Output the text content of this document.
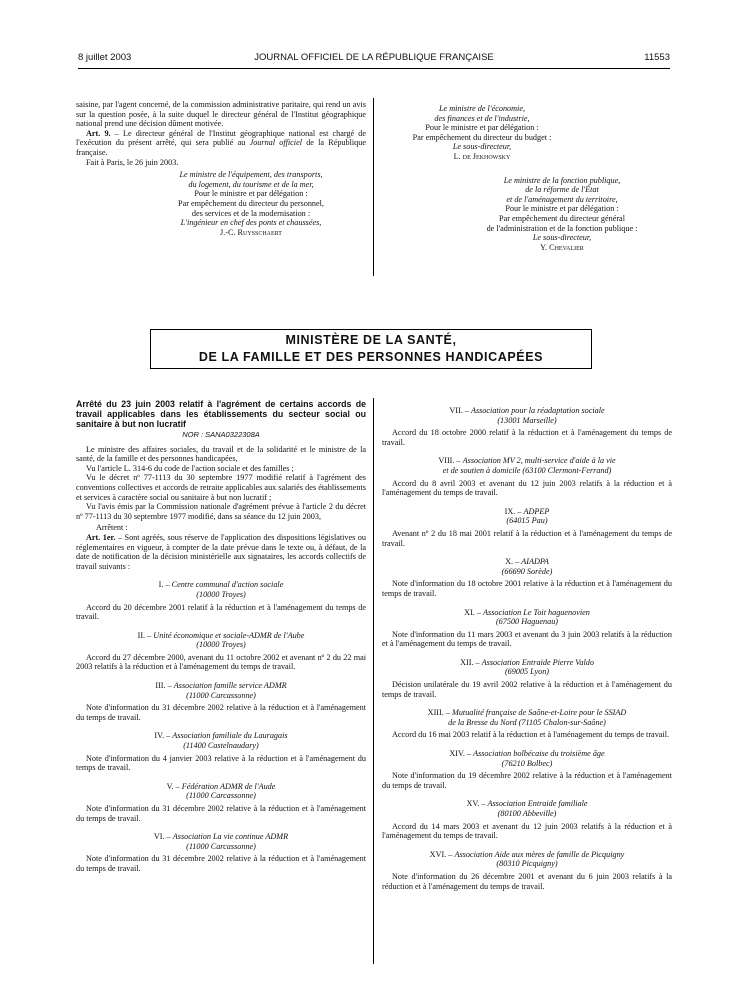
8 juillet 2003	JOURNAL OFFICIEL DE LA RÉPUBLIQUE FRANÇAISE	11553

saisine, par l'agent concerné, de la commission administrative paritaire, qui rend un avis sur la question posée, à la suite duquel le directeur général de l'Institut géographique national prend une décision dûment motivée.

Art. 9. – Le directeur général de l'Institut géographique national est chargé de l'exécution du présent arrêté, qui sera publié au Journal officiel de la République française.

Fait à Paris, le 26 juin 2003.

Le ministre de l'équipement, des transports,

du logement, du tourisme et de la mer,

Pour le ministre et par délégation :

Par empêchement du directeur du personnel,

des services et de la modernisation :

L'ingénieur en chef des ponts et chaussées,

J.-C. Ruysschaert

Le ministre de l'économie,

des finances et de l'industrie,

Pour le ministre et par délégation :

Par empêchement du directeur du budget :

Le sous-directeur,

L. de Jekhowsky

Le ministre de la fonction publique,

de la réforme de l'État

et de l'aménagement du territoire,

Pour le ministre et par délégation :

Par empêchement du directeur général

de l'administration et de la fonction publique :

Le sous-directeur,

Y. Chevalier

MINISTÈRE DE LA SANTÉ,
DE LA FAMILLE ET DES PERSONNES HANDICAPÉES

Arrêté du 23 juin 2003 relatif à l'agrément de certains accords de travail applicables dans les établissements du secteur social ou sanitaire à but non lucratif

NOR : SANA0322308A

Le ministre des affaires sociales, du travail et de la solidarité et le ministre de la santé, de la famille et des personnes handicapées,

Vu l'article L. 314-6 du code de l'action sociale et des familles ;

Vu le décret nº 77-1113 du 30 septembre 1977 modifié relatif à l'agrément des conventions collectives et accords de retraite applicables aux salariés des établissements et services à caractère social ou sanitaire à but non lucratif ;

Vu l'avis émis par la Commission nationale d'agrément prévue à l'article 2 du décret nº 77-1113 du 30 septembre 1977 modifié, dans sa séance du 12 juin 2003,

Arrêtent :

Art. 1er. – Sont agréés, sous réserve de l'application des dispositions législatives ou réglementaires en vigueur, à compter de la date prévue dans le texte ou, à défaut, de la date de notification de la décision ministérielle aux signataires, les accords collectifs de travail suivants :

I. – Centre communal d'action sociale

(10000 Troyes)

Accord du 20 décembre 2001 relatif à la réduction et à l'aménagement du temps de travail.

II. – Unité économique et sociale-ADMR de l'Aube

(10000 Troyes)

Accord du 27 décembre 2000, avenant du 11 octobre 2002 et avenant nº 2 du 22 mai 2003 relatifs à la réduction et à l'aménagement du temps de travail.

III. – Association famille service ADMR

(11000 Carcassonne)

Note d'information du 31 décembre 2002 relative à la réduction et à l'aménagement du temps de travail.

IV. – Association familiale du Lauragais

(11400 Castelnaudary)

Note d'information du 4 janvier 2003 relative à la réduction et à l'aménagement du temps de travail.

V. – Fédération ADMR de l'Aude

(11000 Carcassonne)

Note d'information du 31 décembre 2002 relative à la réduction et à l'aménagement du temps de travail.

VI. – Association La vie continue ADMR

(11000 Carcassonne)

Note d'information du 31 décembre 2002 relative à la réduction et à l'aménagement du temps de travail.

VII. – Association pour la réadaptation sociale

(13001 Marseille)

Accord du 18 octobre 2000 relatif à la réduction et à l'aménagement du temps de travail.

VIII. – Association MV 2, multi-service d'aide à la vie

et de soutien à domicile (63100 Clermont-Ferrand)

Accord du 8 avril 2003 et avenant du 12 juin 2003 relatifs à la réduction et à l'aménagement du temps de travail.

IX. – ADPEP

(64015 Pau)

Avenant nº 2 du 18 mai 2001 relatif à la réduction et à l'aménagement du temps de travail.

X. – AIADPA

(66690 Sorède)

Note d'information du 18 octobre 2001 relative à la réduction et à l'aménagement du temps de travail.

XI. – Association Le Toit haguenovien

(67500 Haguenau)

Note d'information du 11 mars 2003 et avenant du 3 juin 2003 relatifs à la réduction et à l'aménagement du temps de travail.

XII. – Association Entraide Pierre Valdo

(69005 Lyon)

Décision unilatérale du 19 avril 2002 relative à la réduction et à l'aménagement du temps de travail.

XIII. – Mutualité française de Saône-et-Loire pour le SSIAD

de la Bresse du Nord (71105 Chalon-sur-Saône)

Accord du 16 mai 2003 relatif à la réduction et à l'aménagement du temps de travail.

XIV. – Association bolbécaise du troisième âge

(76210 Bolbec)

Note d'information du 19 décembre 2002 relative à la réduction et à l'aménagement du temps de travail.

XV. – Association Entraide familiale

(80100 Abbeville)

Accord du 14 mars 2003 et avenant du 12 juin 2003 relatifs à la réduction et à l'aménagement du temps de travail.

XVI. – Association Aide aux mères de famille de Picquigny

(80310 Picquigny)

Note d'information du 26 décembre 2001 et avenant du 6 juin 2003 relatifs à la réduction et à l'aménagement du temps de travail.
